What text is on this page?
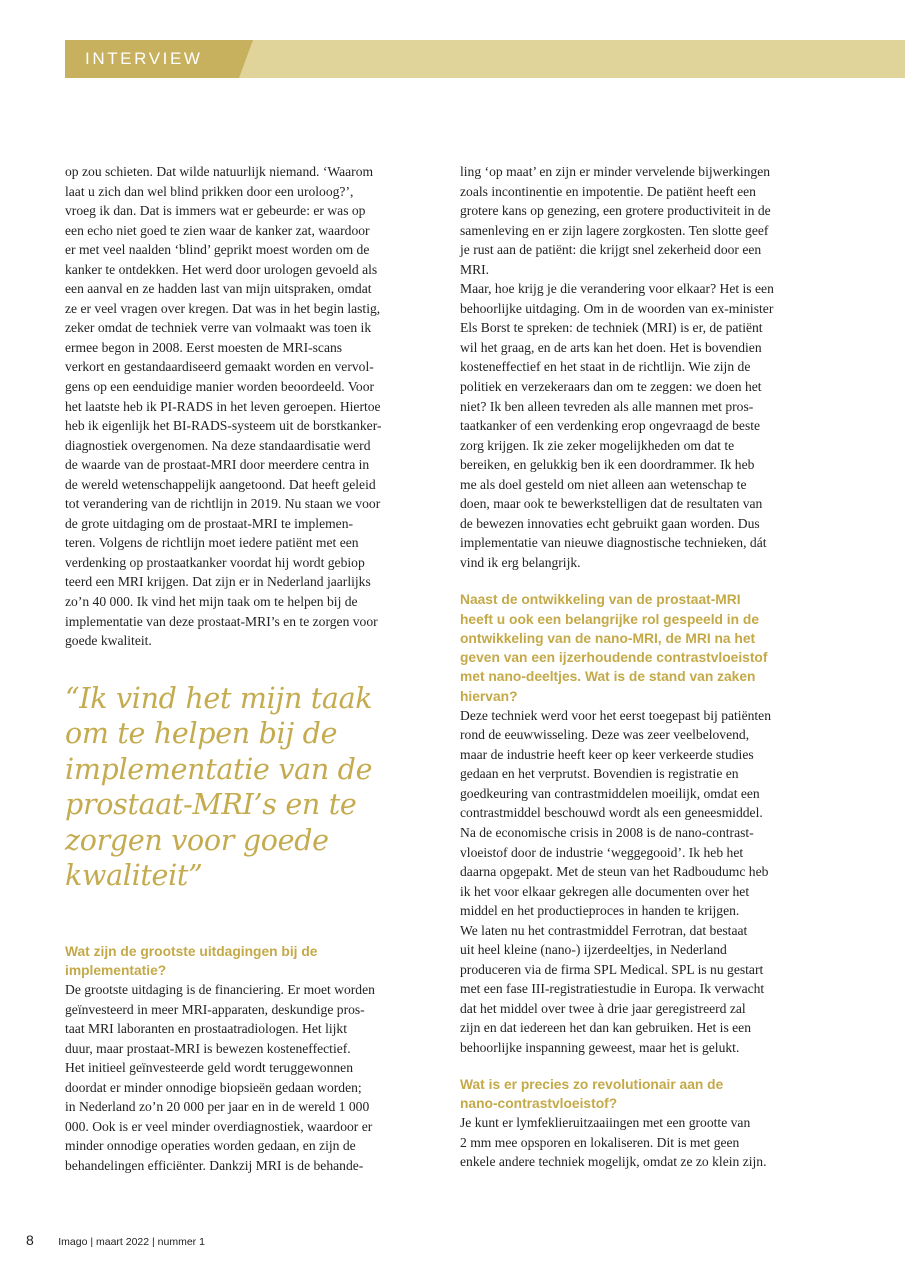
INTERVIEW

op zou schieten. Dat wilde natuurlijk niemand. ‘Waarom
laat u zich dan wel blind prikken door een uroloog?’,
vroeg ik dan. Dat is immers wat er gebeurde: er was op
een echo niet goed te zien waar de kanker zat, waardoor
er met veel naalden ‘blind’ geprikt moest worden om de
kanker te ontdekken. Het werd door urologen gevoeld als
een aanval en ze hadden last van mijn uitspraken, omdat
ze er veel vragen over kregen. Dat was in het begin lastig,
zeker omdat de techniek verre van volmaakt was toen ik
ermee begon in 2008. Eerst moesten de MRI-scans
verkort en gestandaardiseerd gemaakt worden en vervol-
gens op een eenduidige manier worden beoordeeld. Voor
het laatste heb ik PI-RADS in het leven geroepen. Hiertoe
heb ik eigenlijk het BI-RADS-systeem uit de borstkanker-
diagnostiek overgenomen. Na deze standaardisatie werd
de waarde van de prostaat-MRI door meerdere centra in
de wereld wetenschappelijk aangetoond. Dat heeft geleid
tot verandering van de richtlijn in 2019. Nu staan we voor
de grote uitdaging om de prostaat-MRI te implemen-
teren. Volgens de richtlijn moet iedere patiënt met een
verdenking op prostaatkanker voordat hij wordt gebiop
teerd een MRI krijgen. Dat zijn er in Nederland jaarlijks
zo’n 40 000. Ik vind het mijn taak om te helpen bij de
implementatie van deze prostaat-MRI’s en te zorgen voor
goede kwaliteit.

“Ik vind het mijn taak
om te helpen bij de
implementatie van de
prostaat-MRI’s en te
zorgen voor goede
kwaliteit”

Wat zijn de grootste uitdagingen bij de
implementatie?

De grootste uitdaging is de financiering. Er moet worden
geïnvesteerd in meer MRI-apparaten, deskundige pros-
taat MRI laboranten en prostaatradiologen. Het lijkt
duur, maar prostaat-MRI is bewezen kosteneffectief.
Het initieel geïnvesteerde geld wordt teruggewonnen
doordat er minder onnodige biopsieën gedaan worden;
in Nederland zo’n 20 000 per jaar en in de wereld 1 000
000. Ook is er veel minder overdiagnostiek, waardoor er
minder onnodige operaties worden gedaan, en zijn de
behandelingen efficiënter. Dankzij MRI is de behande-

ling ‘op maat’ en zijn er minder vervelende bijwerkingen
zoals incontinentie en impotentie. De patiënt heeft een
grotere kans op genezing, een grotere productiviteit in de
samenleving en er zijn lagere zorgkosten. Ten slotte geef
je rust aan de patiënt: die krijgt snel zekerheid door een
MRI.
Maar, hoe krijg je die verandering voor elkaar? Het is een
behoorlijke uitdaging. Om in de woorden van ex-minister
Els Borst te spreken: de techniek (MRI) is er, de patiënt
wil het graag, en de arts kan het doen. Het is bovendien
kosteneffectief en het staat in de richtlijn. Wie zijn de
politiek en verzekeraars dan om te zeggen: we doen het
niet? Ik ben alleen tevreden als alle mannen met pros-
taatkanker of een verdenking erop ongevraagd de beste
zorg krijgen. Ik zie zeker mogelijkheden om dat te
bereiken, en gelukkig ben ik een doordrammer. Ik heb
me als doel gesteld om niet alleen aan wetenschap te
doen, maar ook te bewerkstelligen dat de resultaten van
de bewezen innovaties echt gebruikt gaan worden. Dus
implementatie van nieuwe diagnostische technieken, dát
vind ik erg belangrijk.

Naast de ontwikkeling van de prostaat-MRI
heeft u ook een belangrijke rol gespeeld in de
ontwikkeling van de nano-MRI, de MRI na het
geven van een ijzerhoudende contrastvloeistof
met nano-deeltjes. Wat is de stand van zaken
hiervan?

Deze techniek werd voor het eerst toegepast bij patiënten
rond de eeuwwisseling. Deze was zeer veelbelovend,
maar de industrie heeft keer op keer verkeerde studies
gedaan en het verprutst. Bovendien is registratie en
goedkeuring van contrastmiddelen moeilijk, omdat een
contrastmiddel beschouwd wordt als een geneesmiddel.
Na de economische crisis in 2008 is de nano-contrast-
vloeistof door de industrie ‘weggegooid’. Ik heb het
daarna opgepakt. Met de steun van het Radboudumc heb
ik het voor elkaar gekregen alle documenten over het
middel en het productieproces in handen te krijgen.
We laten nu het contrastmiddel Ferrotran, dat bestaat
uit heel kleine (nano-) ijzerdeeltjes, in Nederland
produceren via de firma SPL Medical. SPL is nu gestart
met een fase III-registratiestudie in Europa. Ik verwacht
dat het middel over twee à drie jaar geregistreerd zal
zijn en dat iedereen het dan kan gebruiken. Het is een
behoorlijke inspanning geweest, maar het is gelukt.

Wat is er precies zo revolutionair aan de
nano-contrastvloeistof?

Je kunt er lymfeklieruitzaaiingen met een grootte van
2 mm mee opsporen en lokaliseren. Dit is met geen
enkele andere techniek mogelijk, omdat ze zo klein zijn.

8 Imago | maart 2022 | nummer 1
